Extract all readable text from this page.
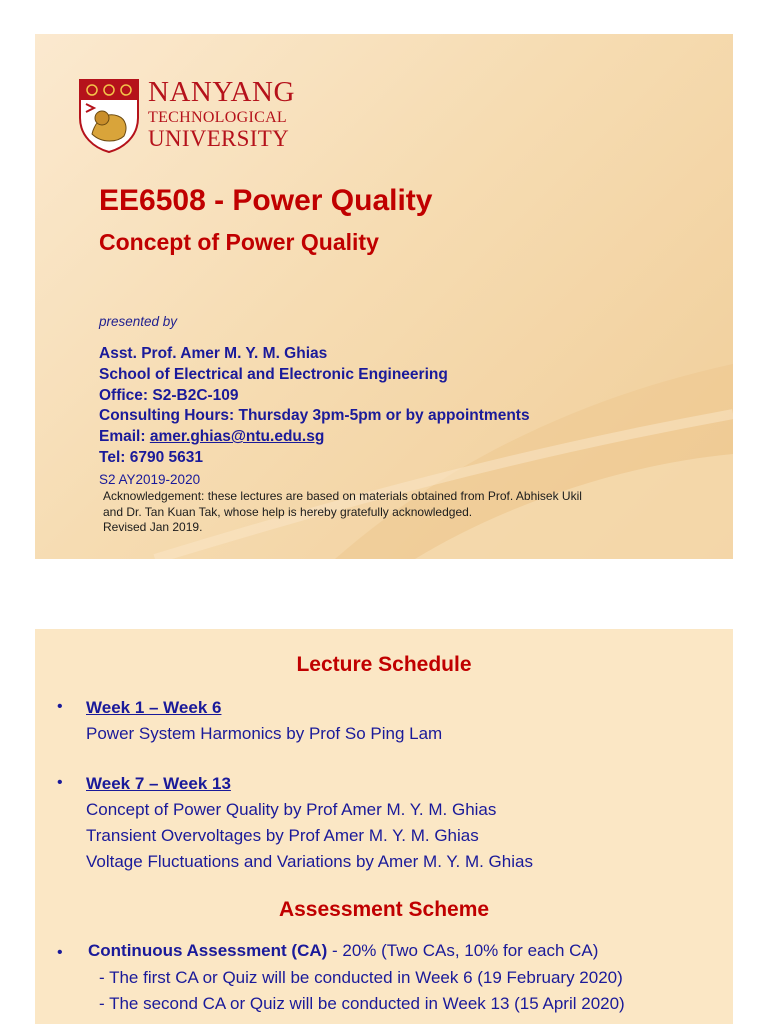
NANYANG
TECHNOLOGICAL
UNIVERSITY
EE6508 - Power Quality
Concept of Power Quality
presented by
Asst. Prof. Amer M. Y. M. Ghias
School of Electrical and Electronic Engineering
Office: S2-B2C-109
Consulting Hours: Thursday 3pm-5pm or by appointments
Email: amer.ghias@ntu.edu.sg
Tel: 6790 5631
S2 AY2019-2020
Acknowledgement: these lectures are based on materials obtained from Prof. Abhisek Ukil
and Dr. Tan Kuan Tak, whose help is hereby gratefully acknowledged.
Revised Jan 2019.
Lecture Schedule
• Week 1 – Week 6
Power System Harmonics by Prof So Ping Lam
• Week 7 – Week 13
Concept of Power Quality by Prof Amer M. Y. M. Ghias
Transient Overvoltages by Prof Amer M. Y. M. Ghias
Voltage Fluctuations and Variations by Amer M. Y. M. Ghias
Assessment Scheme
• Continuous Assessment (CA) - 20% (Two CAs, 10% for each CA)
- The first CA or Quiz will be conducted in Week 6 (19 February 2020)
- The second CA or Quiz will be conducted in Week 13 (15 April 2020)
